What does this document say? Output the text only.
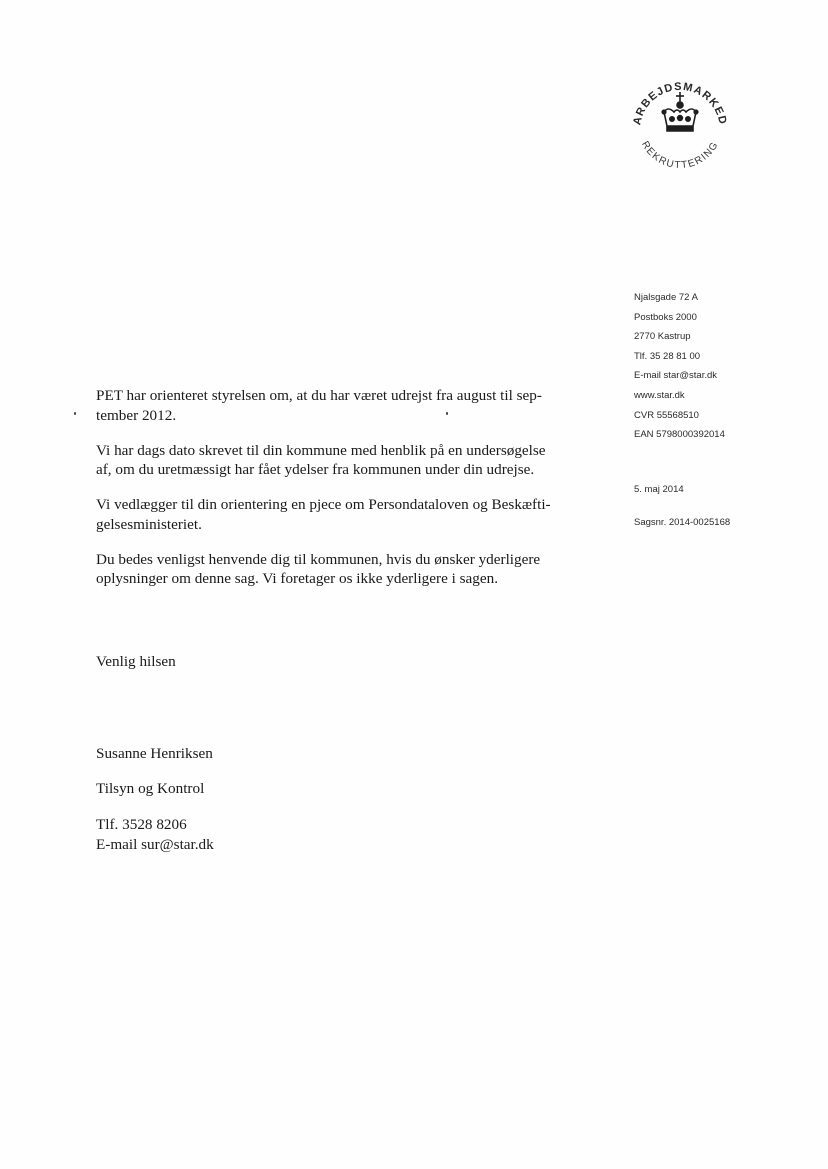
ARBEJDSMARKED
REKRUTTERING
Njalsgade 72 A
Postboks 2000
2770 Kastrup
Tlf. 35 28 81 00
E-mail star@star.dk
www.star.dk
CVR 55568510
EAN 5798000392014
5. maj 2014
Sagsnr. 2014-0025168

PET har orienteret styrelsen om, at du har været udrejst fra august til sep-
tember 2012.

Vi har dags dato skrevet til din kommune med henblik på en undersøgelse
af, om du uretmæssigt har fået ydelser fra kommunen under din udrejse.

Vi vedlægger til din orientering en pjece om Persondataloven og Beskæfti-
gelsesministeriet.

Du bedes venligst henvende dig til kommunen, hvis du ønsker yderligere
oplysninger om denne sag. Vi foretager os ikke yderligere i sagen.

Venlig hilsen
Susanne Henriksen
Tilsyn og Kontrol
Tlf. 3528 8206
E-mail sur@star.dk
